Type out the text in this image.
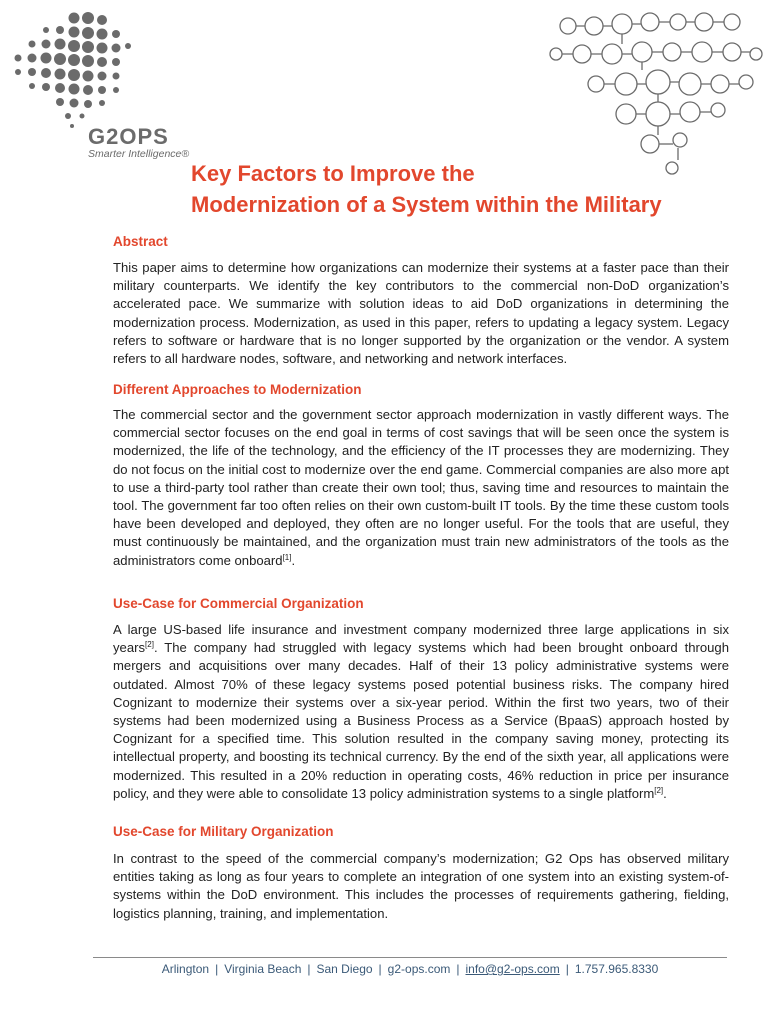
G2OPS
Smarter Intelligence®
Key Factors to Improve the
Modernization of a System within the Military
Abstract

This paper aims to determine how organizations can modernize their systems at a faster pace than their military counterparts. We identify the key contributors to the commercial non-DoD organization’s accelerated pace. We summarize with solution ideas to aid DoD organizations in determining the modernization process. Modernization, as used in this paper, refers to updating a legacy system. Legacy refers to software or hardware that is no longer supported by the organization or the vendor. A system refers to all hardware nodes, software, and networking and network interfaces.

Different Approaches to Modernization

The commercial sector and the government sector approach modernization in vastly different ways. The commercial sector focuses on the end goal in terms of cost savings that will be seen once the system is modernized, the life of the technology, and the efficiency of the IT processes they are modernizing. They do not focus on the initial cost to modernize over the end game. Commercial companies are also more apt to use a third-party tool rather than create their own tool; thus, saving time and resources to maintain the tool. The government far too often relies on their own custom-built IT tools. By the time these custom tools have been developed and deployed, they often are no longer useful. For the tools that are useful, they must continuously be maintained, and the organization must train new administrators of the tools as the administrators come onboard[1].

Use-Case for Commercial Organization

A large US-based life insurance and investment company modernized three large applications in six years[2]. The company had struggled with legacy systems which had been brought onboard through mergers and acquisitions over many decades. Half of their 13 policy administrative systems were outdated. Almost 70% of these legacy systems posed potential business risks. The company hired Cognizant to modernize their systems over a six-year period. Within the first two years, two of their systems had been modernized using a Business Process as a Service (BpaaS) approach hosted by Cognizant for a specified time. This solution resulted in the company saving money, protecting its intellectual property, and boosting its technical currency. By the end of the sixth year, all applications were modernized. This resulted in a 20% reduction in operating costs, 46% reduction in price per insurance policy, and they were able to consolidate 13 policy administration systems to a single platform[2].

Use-Case for Military Organization

In contrast to the speed of the commercial company’s modernization; G2 Ops has observed military entities taking as long as four years to complete an integration of one system into an existing system-of-systems within the DoD environment. This includes the processes of requirements gathering, fielding, logistics planning, training, and implementation.

Arlington | Virginia Beach | San Diego | g2-ops.com | info@g2-ops.com | 1.757.965.8330
